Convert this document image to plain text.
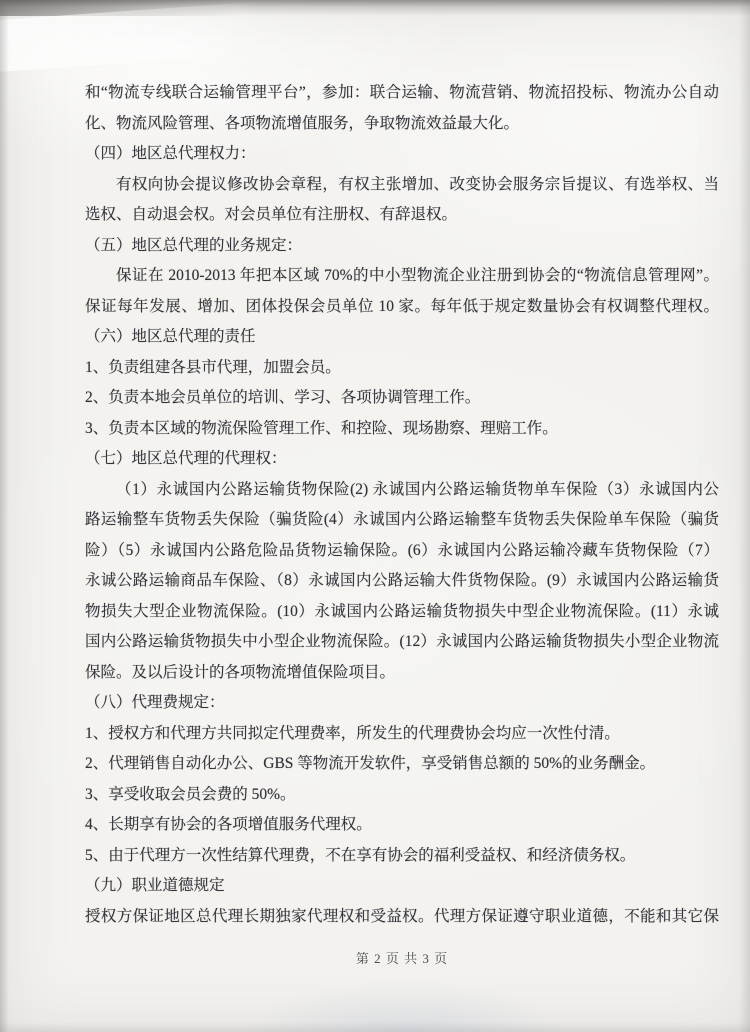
和“物流专线联合运输管理平台”，参加：联合运输、物流营销、物流招投标、物流办公自动
化、物流风险管理、各项物流增值服务，争取物流效益最大化。
（四）地区总代理权力：
有权向协会提议修改协会章程，有权主张增加、改变协会服务宗旨提议、有选举权、当
选权、自动退会权。对会员单位有注册权、有辞退权。
（五）地区总代理的业务规定：
保证在 2010-2013 年把本区域 70%的中小型物流企业注册到协会的“物流信息管理网”。
保证每年发展、增加、团体投保会员单位 10 家。每年低于规定数量协会有权调整代理权。
（六）地区总代理的责任
1、负责组建各县市代理，加盟会员。
2、负责本地会员单位的培训、学习、各项协调管理工作。
3、负责本区域的物流保险管理工作、和控险、现场勘察、理赔工作。
（七）地区总代理的代理权：
（1）永诚国内公路运输货物保险(2) 永诚国内公路运输货物单车保险（3）永诚国内公
路运输整车货物丢失保险（骗货险(4）永诚国内公路运输整车货物丢失保险单车保险（骗货
险）（5）永诚国内公路危险品货物运输保险。(6）永诚国内公路运输冷藏车货物保险（7）
永诚公路运输商品车保险、（8）永诚国内公路运输大件货物保险。(9）永诚国内公路运输货
物损失大型企业物流保险。(10）永诚国内公路运输货物损失中型企业物流保险。(11）永诚
国内公路运输货物损失中小型企业物流保险。(12）永诚国内公路运输货物损失小型企业物流
保险。及以后设计的各项物流增值保险项目。
（八）代理费规定：
1、授权方和代理方共同拟定代理费率，所发生的代理费协会均应一次性付清。
2、代理销售自动化办公、GBS 等物流开发软件，享受销售总额的 50%的业务酬金。
3、享受收取会员会费的 50%。
4、长期享有协会的各项增值服务代理权。
5、由于代理方一次性结算代理费，不在享有协会的福利受益权、和经济债务权。
（九）职业道德规定
授权方保证地区总代理长期独家代理权和受益权。代理方保证遵守职业道德，不能和其它保
第 2 页 共 3 页
